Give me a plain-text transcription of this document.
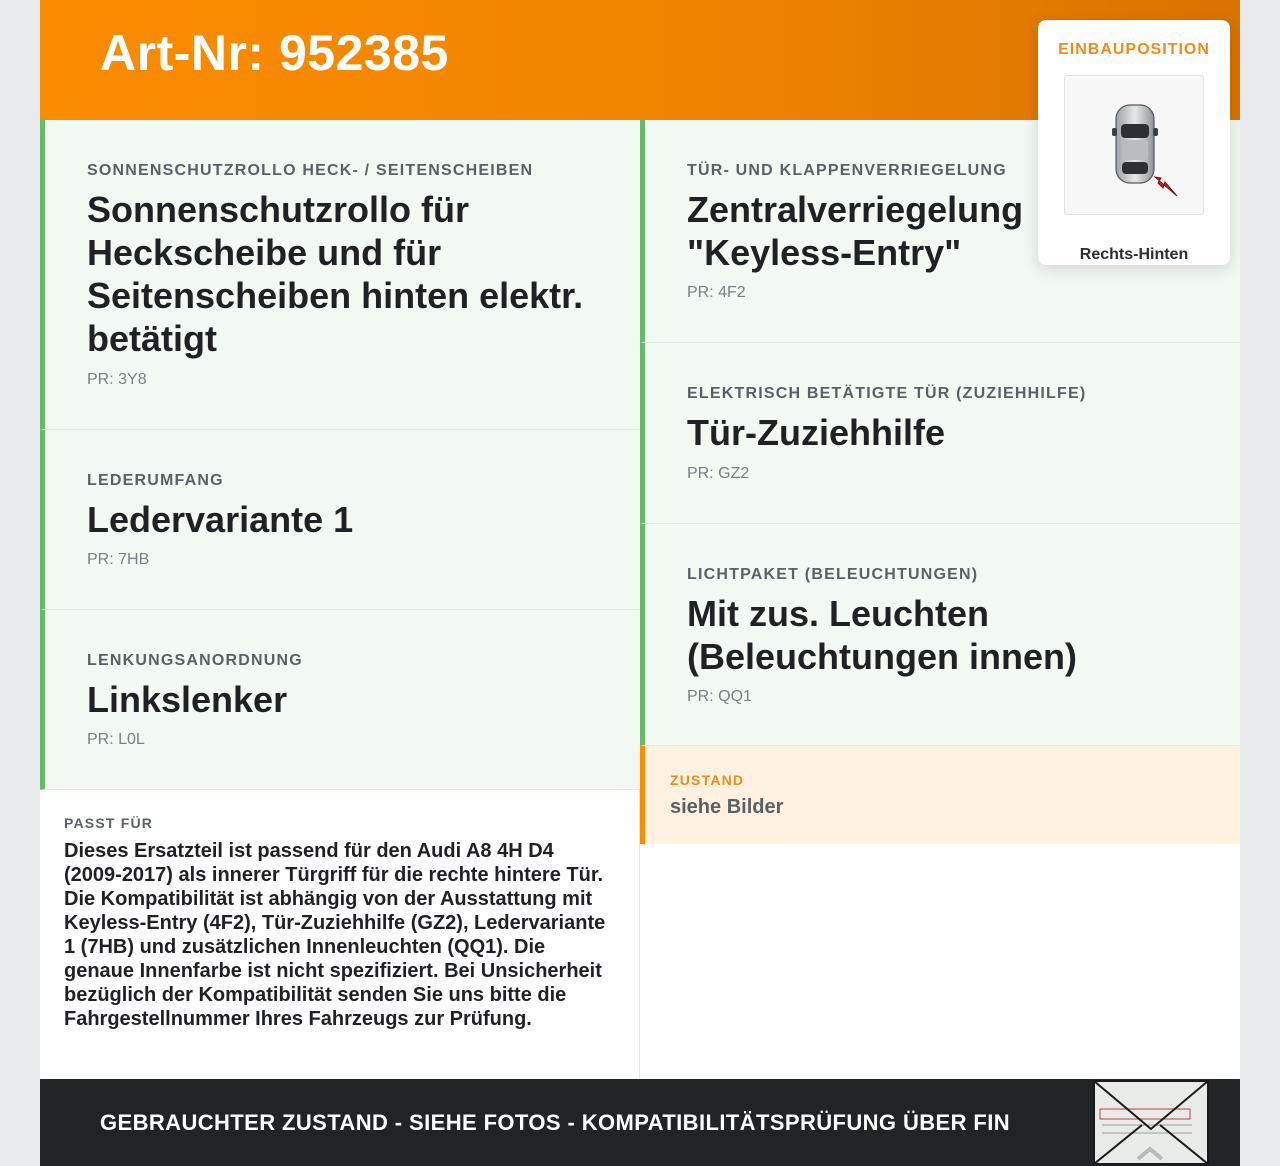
Art-Nr: 952385
SONNENSCHUTZROLLO HECK- / SEITENSCHEIBEN
Sonnenschutzrollo für Heckscheibe und für Seitenscheiben hinten elektr. betätigt
PR: 3Y8
LEDERUMFANG
Ledervariante 1
PR: 7HB
LENKUNGSANORDNUNG
Linkslenker
PR: L0L
TÜR- UND KLAPPENVERRIEGELUNG
Zentralverriegelung "Keyless-Entry"
PR: 4F2
ELEKTRISCH BETÄTIGTE TÜR (ZUZIEHHILFE)
Tür-Zuziehhilfe
PR: GZ2
LICHTPAKET (BELEUCHTUNGEN)
Mit zus. Leuchten (Beleuchtungen innen)
PR: QQ1
ZUSTAND
siehe Bilder
PASST FÜR
Dieses Ersatzteil ist passend für den Audi A8 4H D4 (2009-2017) als innerer Türgriff für die rechte hintere Tür. Die Kompatibilität ist abhängig von der Ausstattung mit Keyless-Entry (4F2), Tür-Zuziehhilfe (GZ2), Ledervariante 1 (7HB) und zusätzlichen Innenleuchten (QQ1). Die genaue Innenfarbe ist nicht spezifiziert. Bei Unsicherheit bezüglich der Kompatibilität senden Sie uns bitte die Fahrgestellnummer Ihres Fahrzeugs zur Prüfung.
EINBAUPOSITION
Rechts-Hinten
GEBRAUCHTER ZUSTAND - SIEHE FOTOS - KOMPATIBILITÄTSPRÜFUNG ÜBER FIN
